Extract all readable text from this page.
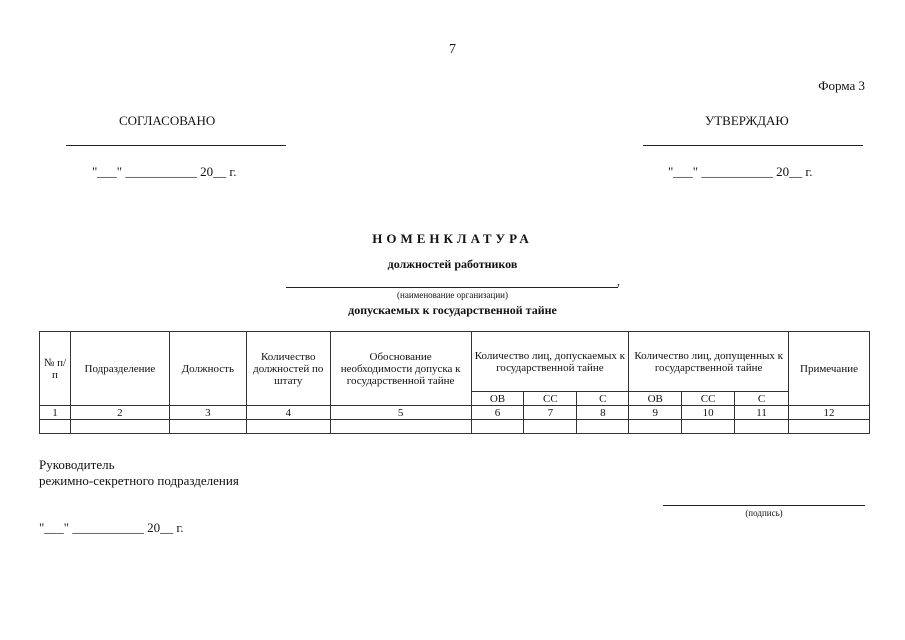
7
Форма 3
СОГЛАСОВАНО
"___" ___________ 20__ г.
УТВЕРЖДАЮ
"___" ___________ 20__ г.
НОМЕНКЛАТУРА
должностей работников
,
(наименование организации)
допускаемых к государственной тайне
№ п/п	Подразделение	Должность	Количество должностей по штату	Обоснование необходимости допуска к государственной тайне	Количество лиц, допускаемых к государственной тайне			Количество лиц, допущенных к государственной тайне			Примечание
					ОВ	СС	С	ОВ	СС	С	
1	2	3	4	5	6	7	8	9	10	11	12

Руководитель
режимно-секретного подразделения
(подпись)
"___" ___________ 20__ г.
